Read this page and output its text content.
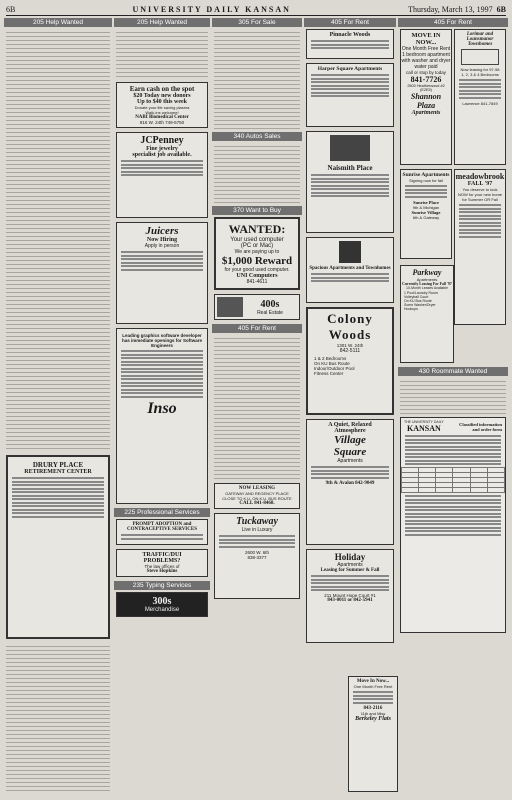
6B	UNIVERSITY DAILY KANSAN	Thursday, March 13, 1997 6B
205 Help Wanted
DRURY PLACE
RETIREMENT CENTER
205 Help Wanted
Earn cash on the spot
$20 Today new donors
Up to $40 this week
Donate your life saving plasma
Walk-ins welcome!
NABI Biomedical Center
816 W. 24th 749-5750
JCPenney
Fine jewelry
specialist job available.
Juicers
Now Hiring
Apply in person
Leading graphics software developer has immediate openings for Software Engineers
Inso
225 Professional Services
PROMPT ADOPTION and CONTRACEPTIVE SERVICES
TRAFFIC/DUI
PROBLEMS?
The law offices of
Steve Hopkins
235 Typing Services
300s
Merchandise
305 For Sale
340 Autos Sales
370 Want to Buy
WANTED:
Your used computer
(PC or Mac)
We are paying up to
$1,000 Reward
for your good used computer.
UNI Computers
841-4611
400s
Real Estate
405 For Rent
NOW LEASING
GATEWAY AND REGENCY PLACE
CLOSE TO K.U. ON K.U. BUS ROUTE
CALL 841-8468.
Tuckaway
Live in Luxury
2600 W. 6th
838-3377
405 For Rent
Pinnacle Woods
Harper Square Apartments
Naismith Place
Spacious Apartments and Townhomes
Colony
Woods
1301 W. 24th
842-5111
1 & 2 Bedrooms
On KU Bus Route
Indoor/Outdoor Pool
Fitness Center
A Quiet, Relaxed
Atmosphere
Village
Square
Apartments
9th & Avalon 842-9049
Holiday
Apartments
Leasing for Summer & Fall
211 Mount Hope Court #1
843-0011 or 842-5941
405 For Rent
MOVE IN NOW...
One Month Free Rent
1 bedroom apartment
with washer and dryer
water paid
call or stop by today
841-7726
2500 Heatherwood #2 (E2E5)
Shannon Plaza
Apartments
Lorimar and
Lounsmanor
Townhomes
Now leasing for 97-98
1, 2, 3 & 4 Bedrooms
Lawrence 841-7849
Sunrise Apartments
Signing now for fall
Sunrise Place
9th & Michigan
Sunrise Village
6th & Gateway
meadowbrook
FALL '97
You deserve to look
NOW for your new home
for Summer OR Fall
Parkway
Apartments
Currently Leasing For Fall '97
10-Month Leases Available
1 Pool/Laundry Room
Volleyball Court
On KU Bus Route
Some Washer/Dryer Hookups
430 Roommate Wanted
THE UNIVERSITY DAILY
KANSAN	Classified information
and order form

Move In Now...
One Month Free Rent
843-2116
11th and Miss
Berkeley Flats
